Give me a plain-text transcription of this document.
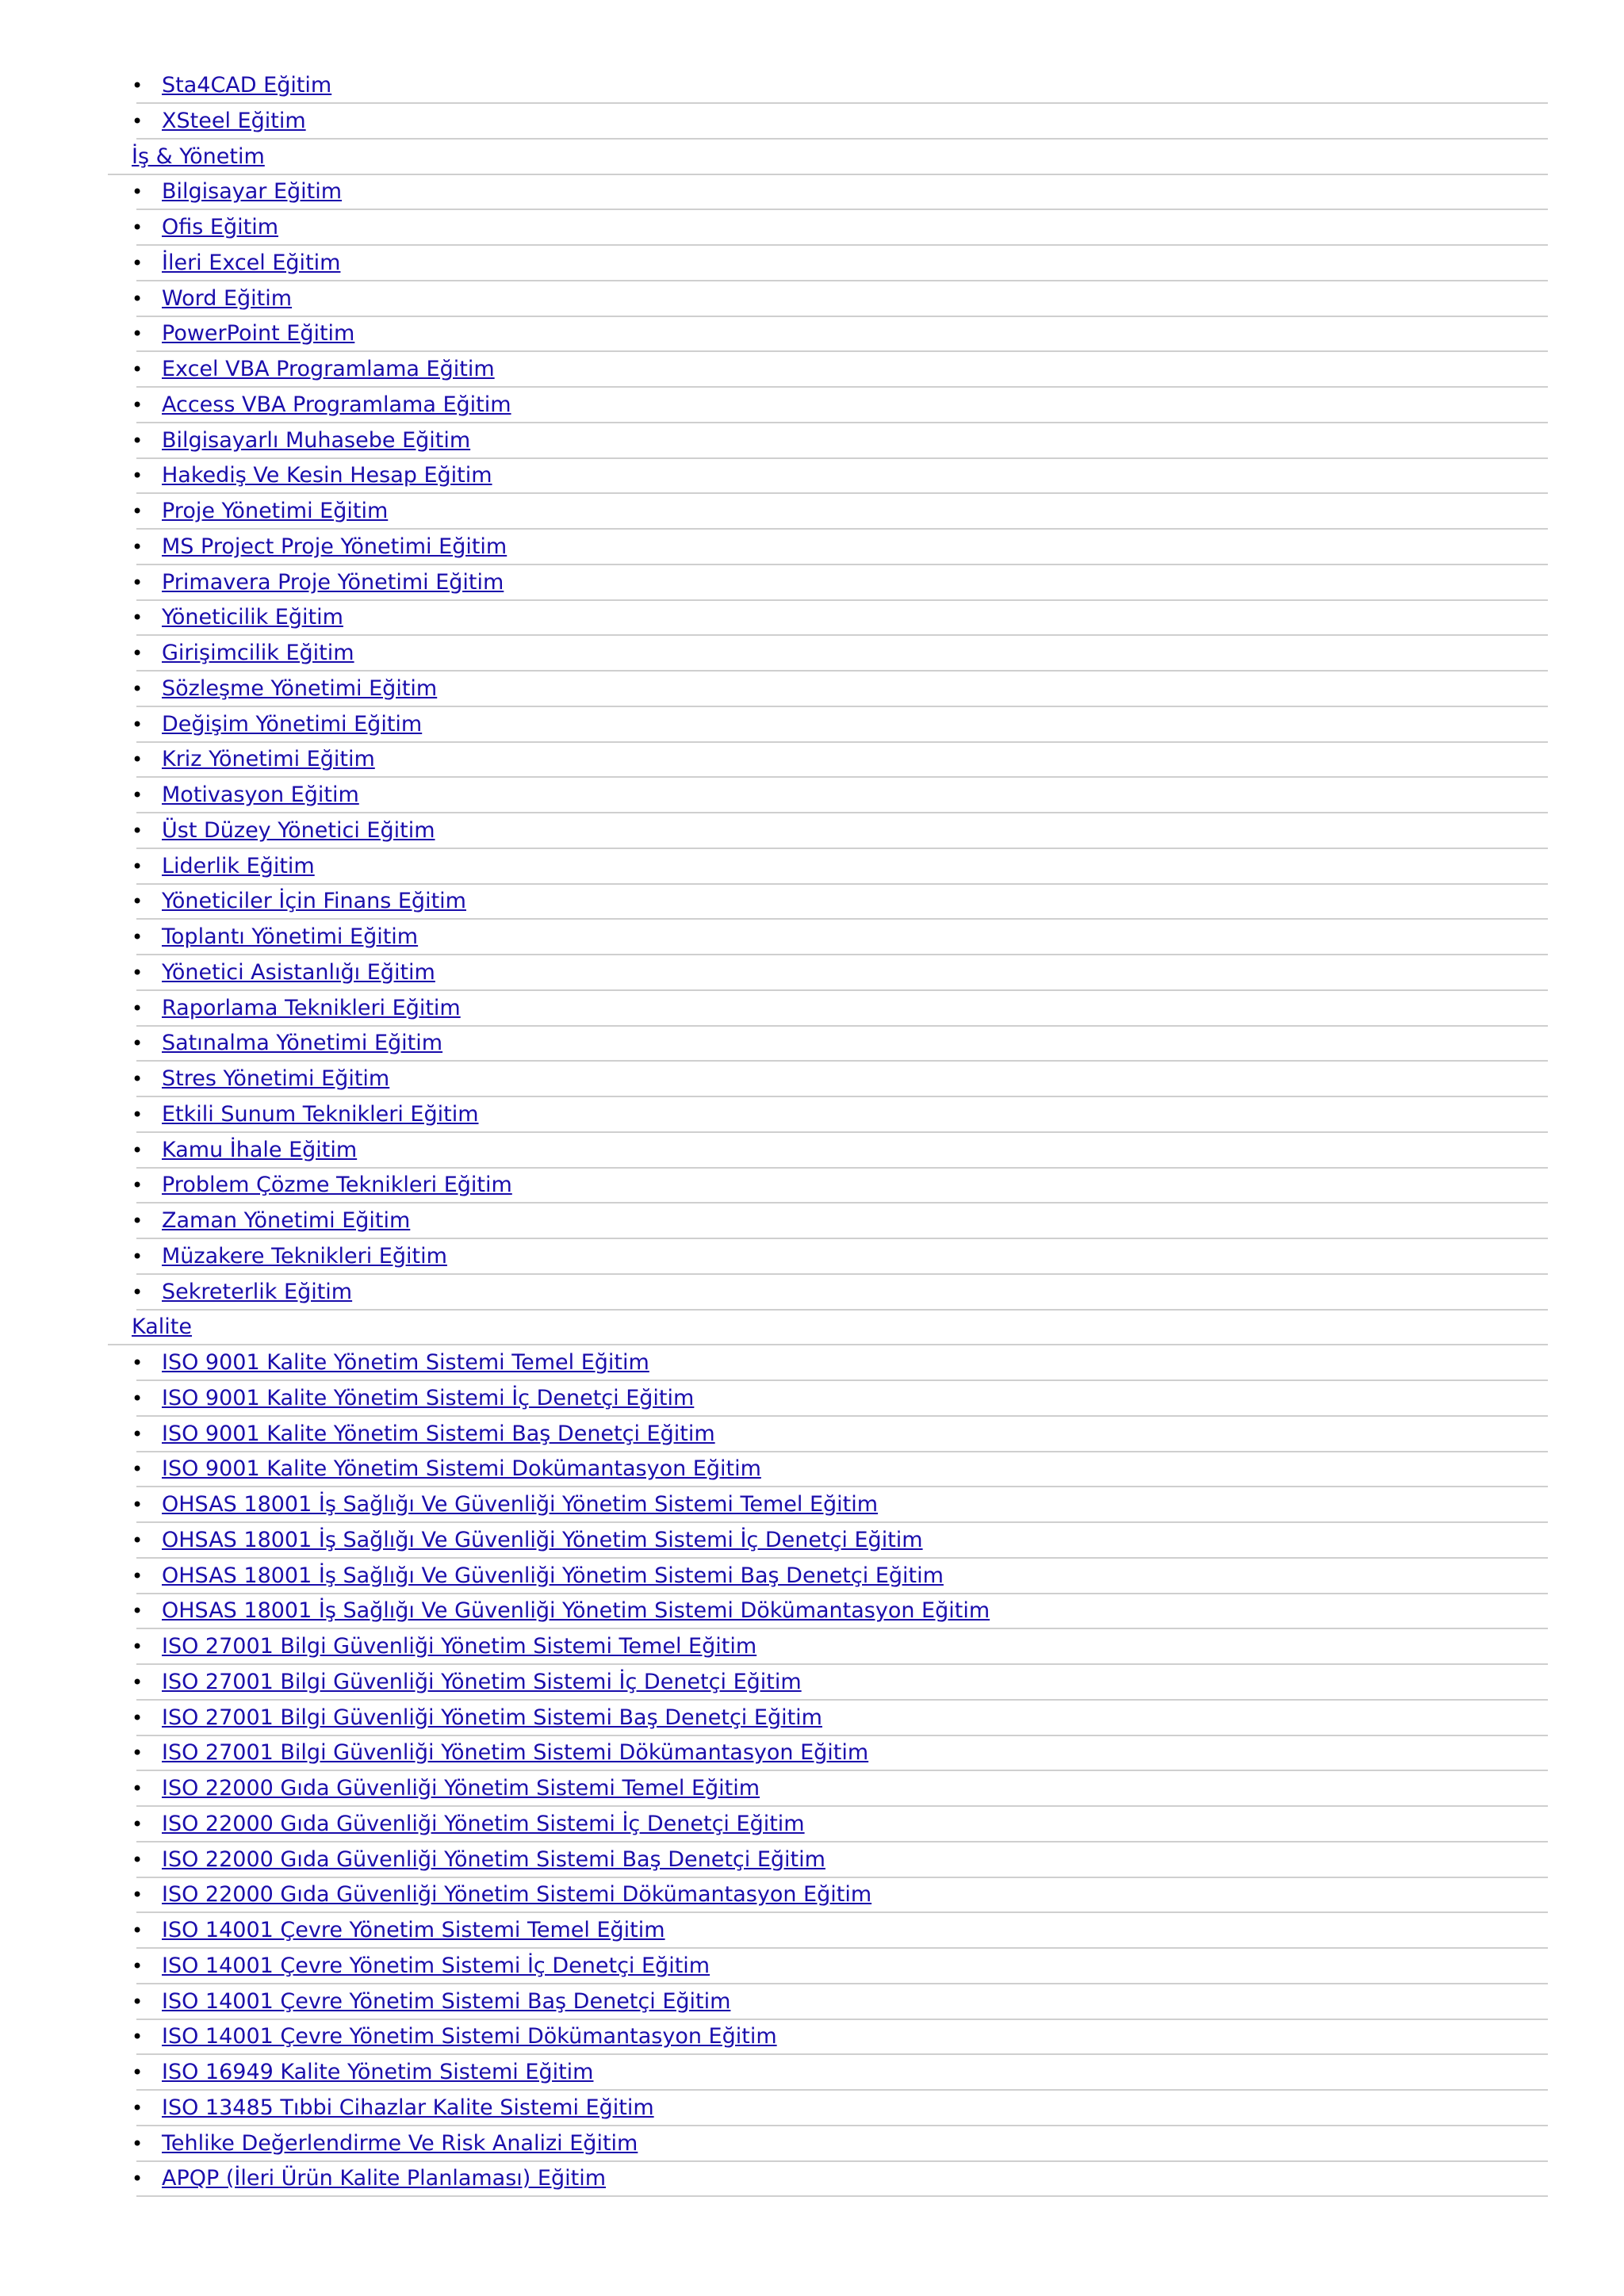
• Sta4CAD Eğitim
• XSteel Eğitim
İş & Yönetim
• Bilgisayar Eğitim
• Ofis Eğitim
• İleri Excel Eğitim
• Word Eğitim
• PowerPoint Eğitim
• Excel VBA Programlama Eğitim
• Access VBA Programlama Eğitim
• Bilgisayarlı Muhasebe Eğitim
• Hakediş Ve Kesin Hesap Eğitim
• Proje Yönetimi Eğitim
• MS Project Proje Yönetimi Eğitim
• Primavera Proje Yönetimi Eğitim
• Yöneticilik Eğitim
• Girişimcilik Eğitim
• Sözleşme Yönetimi Eğitim
• Değişim Yönetimi Eğitim
• Kriz Yönetimi Eğitim
• Motivasyon Eğitim
• Üst Düzey Yönetici Eğitim
• Liderlik Eğitim
• Yöneticiler İçin Finans Eğitim
• Toplantı Yönetimi Eğitim
• Yönetici Asistanlığı Eğitim
• Raporlama Teknikleri Eğitim
• Satınalma Yönetimi Eğitim
• Stres Yönetimi Eğitim
• Etkili Sunum Teknikleri Eğitim
• Kamu İhale Eğitim
• Problem Çözme Teknikleri Eğitim
• Zaman Yönetimi Eğitim
• Müzakere Teknikleri Eğitim
• Sekreterlik Eğitim
Kalite
• ISO 9001 Kalite Yönetim Sistemi Temel Eğitim
• ISO 9001 Kalite Yönetim Sistemi İç Denetçi Eğitim
• ISO 9001 Kalite Yönetim Sistemi Baş Denetçi Eğitim
• ISO 9001 Kalite Yönetim Sistemi Dokümantasyon Eğitim
• OHSAS 18001 İş Sağlığı Ve Güvenliği Yönetim Sistemi Temel Eğitim
• OHSAS 18001 İş Sağlığı Ve Güvenliği Yönetim Sistemi İç Denetçi Eğitim
• OHSAS 18001 İş Sağlığı Ve Güvenliği Yönetim Sistemi Baş Denetçi Eğitim
• OHSAS 18001 İş Sağlığı Ve Güvenliği Yönetim Sistemi Dökümantasyon Eğitim
• ISO 27001 Bilgi Güvenliği Yönetim Sistemi Temel Eğitim
• ISO 27001 Bilgi Güvenliği Yönetim Sistemi İç Denetçi Eğitim
• ISO 27001 Bilgi Güvenliği Yönetim Sistemi Baş Denetçi Eğitim
• ISO 27001 Bilgi Güvenliği Yönetim Sistemi Dökümantasyon Eğitim
• ISO 22000 Gıda Güvenliği Yönetim Sistemi Temel Eğitim
• ISO 22000 Gıda Güvenliği Yönetim Sistemi İç Denetçi Eğitim
• ISO 22000 Gıda Güvenliği Yönetim Sistemi Baş Denetçi Eğitim
• ISO 22000 Gıda Güvenliği Yönetim Sistemi Dökümantasyon Eğitim
• ISO 14001 Çevre Yönetim Sistemi Temel Eğitim
• ISO 14001 Çevre Yönetim Sistemi İç Denetçi Eğitim
• ISO 14001 Çevre Yönetim Sistemi Baş Denetçi Eğitim
• ISO 14001 Çevre Yönetim Sistemi Dökümantasyon Eğitim
• ISO 16949 Kalite Yönetim Sistemi Eğitim
• ISO 13485 Tıbbi Cihazlar Kalite Sistemi Eğitim
• Tehlike Değerlendirme Ve Risk Analizi Eğitim
• APQP (İleri Ürün Kalite Planlaması) Eğitim
